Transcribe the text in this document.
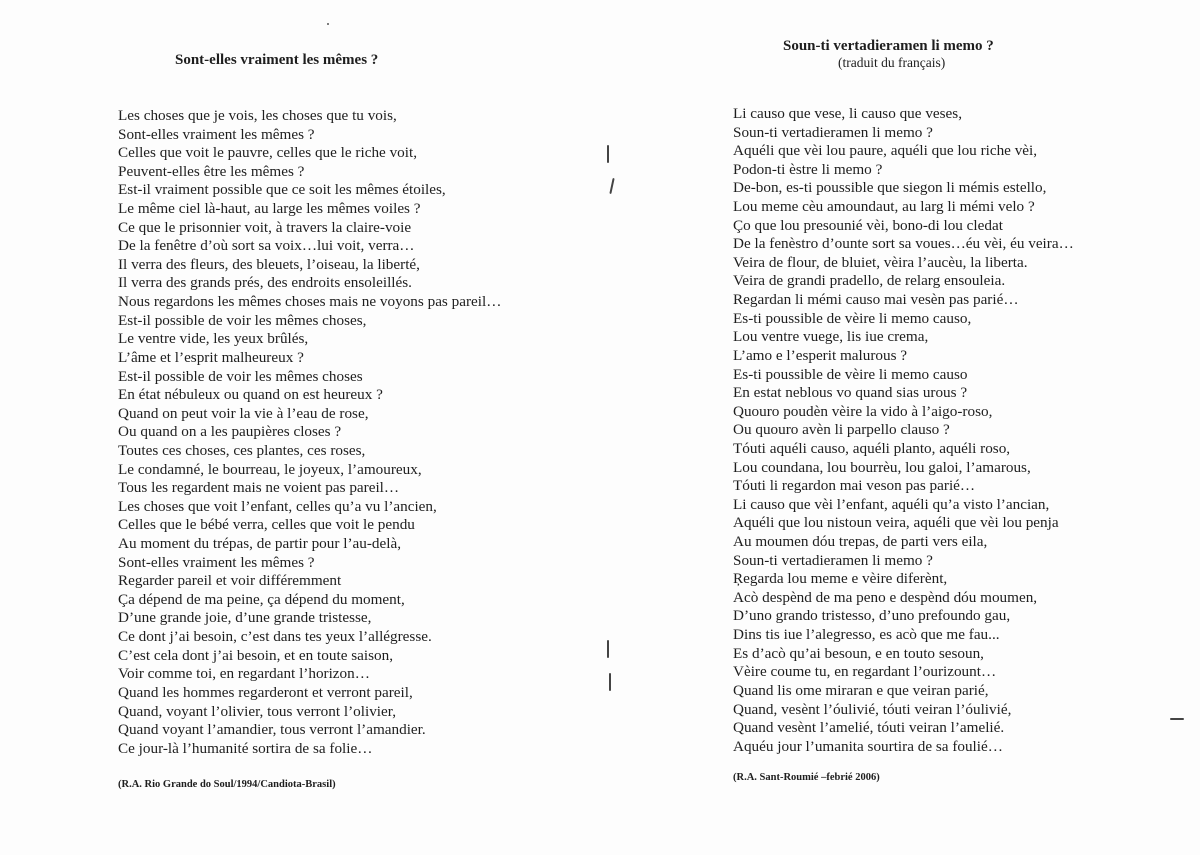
Sont-elles vraiment les mêmes ?
Les choses que je vois, les choses que tu vois,
Sont-elles vraiment les mêmes ?
Celles que voit le pauvre, celles que le riche voit,
Peuvent-elles être les mêmes ?
Est-il vraiment possible que ce soit les mêmes étoiles,
Le même ciel là-haut, au large les mêmes voiles ?
Ce que le prisonnier voit, à travers la claire-voie
De la fenêtre d’où sort sa voix…lui voit, verra…
Il verra des fleurs, des bleuets, l’oiseau, la liberté,
Il verra des grands prés, des endroits ensoleillés.
Nous regardons les mêmes choses mais ne voyons pas pareil…
Est-il possible de voir les mêmes choses,
Le ventre vide, les yeux brûlés,
L’âme et l’esprit malheureux ?
Est-il possible de voir les mêmes choses
En état nébuleux ou quand on est heureux ?
Quand on peut voir la vie à l’eau de rose,
Ou quand on a les paupières closes ?
Toutes ces choses, ces plantes, ces roses,
Le condamné, le bourreau, le joyeux, l’amoureux,
Tous les regardent mais ne voient pas pareil…
Les choses que voit l’enfant, celles qu’a vu l’ancien,
Celles que le bébé verra, celles que voit le pendu
Au moment du trépas, de partir pour l’au-delà,
Sont-elles vraiment les mêmes ?
Regarder pareil et voir différemment
Ça dépend de ma peine, ça dépend du moment,
D’une grande joie, d’une grande tristesse,
Ce dont j’ai besoin, c’est dans tes yeux l’allégresse.
C’est cela dont j’ai besoin, et en toute saison,
Voir comme toi, en regardant l’horizon…
Quand les hommes regarderont et verront pareil,
Quand, voyant l’olivier, tous verront l’olivier,
Quand voyant l’amandier, tous verront l’amandier.
Ce jour-là l’humanité sortira de sa folie…
(R.A. Rio Grande do Soul/1994/Candiota-Brasil)
Soun-ti vertadieramen li memo ?
(traduit du français)
Li causo que vese, li causo que veses,
Soun-ti vertadieramen li memo ?
Aquéli que vèi lou paure, aquéli que lou riche vèi,
Podon-ti èstre li memo ?
De-bon, es-ti poussible que siegon li mémis estello,
Lou meme cèu amoundaut, au larg li mémi velo ?
Ço que lou presounié vèi, bono-di lou cledat
De la fenèstro d’ounte sort sa voues…éu vèi, éu veira…
Veira de flour, de bluiet, vèira l’aucèu, la liberta.
Veira de grandi pradello, de relarg ensouleia.
Regardan li mémi causo mai vesèn pas parié…
Es-ti poussible de vèire li memo causo,
Lou ventre vuege, lis iue crema,
L’amo e l’esperit malurous ?
Es-ti poussible de vèire li memo causo
En estat neblous vo quand sias urous ?
Quouro poudèn vèire la vido à l’aigo-roso,
Ou quouro avèn li parpello clauso ?
Tóuti aquéli causo, aquéli planto, aquéli roso,
Lou coundana, lou bourrèu, lou galoi, l’amarous,
Tóuti li regardon mai veson pas parié…
Li causo que vèi l’enfant, aquéli qu’a visto l’ancian,
Aquéli que lou nistoun veira, aquéli que vèi lou penja
Au moumen dóu trepas, de parti vers eila,
Soun-ti vertadieramen li memo ?
Ŗegarda lou meme e vèire diferènt,
Acò despènd de ma peno e despènd dóu moumen,
D’uno grando tristesso, d’uno prefoundo gau,
Dins tis iue l’alegresso, es acò que me fau...
Es d’acò qu’ai besoun, e en touto sesoun,
Vèire coume tu, en regardant l’ourizount…
Quand lis ome miraran e que veiran parié,
Quand, vesènt l’óulivié, tóuti veiran l’óulivié,
Quand vesènt l’amelié, tóuti veiran l’amelié.
Aquéu jour l’umanita sourtira de sa foulié…
(R.A. Sant-Roumié –febrié 2006)
